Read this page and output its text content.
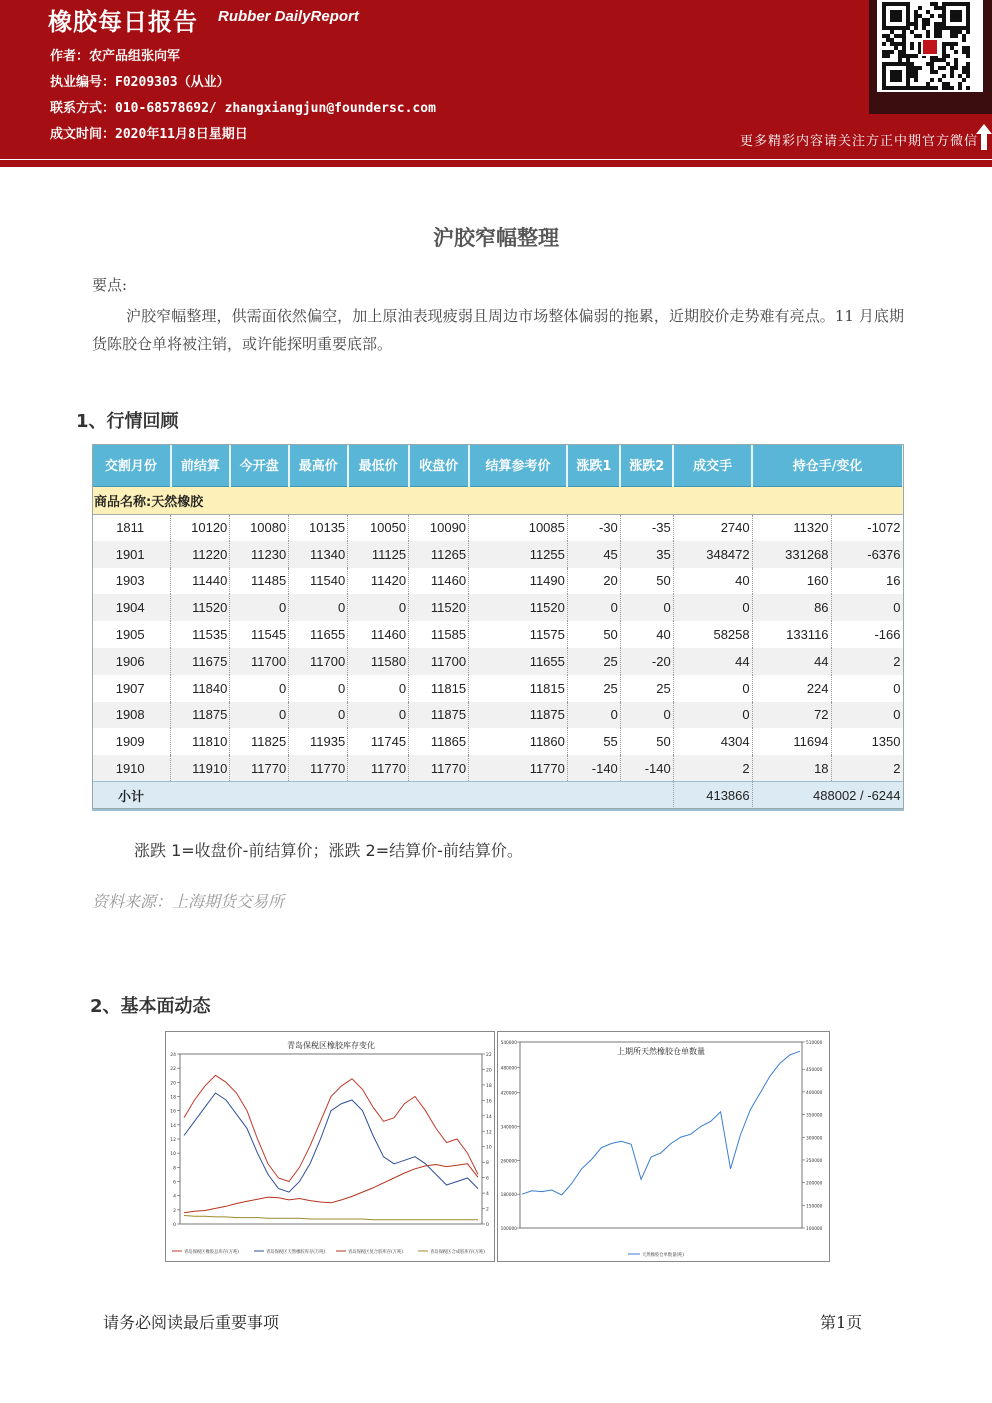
橡胶每日报告 Rubber DailyReport
作者：农产品组张向军
执业编号：F0209303（从业）
联系方式：010-68578692/ zhangxiangjun@foundersc.com
成文时间：2020年11月8日星期日	更多精彩内容请关注方正中期官方微信
沪胶窄幅整理
要点:
沪胶窄幅整理，供需面依然偏空，加上原油表现疲弱且周边市场整体偏弱的拖累，近期胶价走势难有亮点。11 月底期货陈胶仓单将被注销，或许能探明重要底部。
1、行情回顾
交割月份	前结算	今开盘	最高价	最低价	收盘价	结算参考价	涨跌1	涨跌2	成交手	持仓手/变化	
商品名称:天然橡胶											
1811	10120	10080	10135	10050	10090	10085	-30	-35	2740	11320	-1072
1901	11220	11230	11340	11125	11265	11255	45	35	348472	331268	-6376
1903	11440	11485	11540	11420	11460	11490	20	50	40	160	16
1904	11520	0	0	0	11520	11520	0	0	0	86	0
1905	11535	11545	11655	11460	11585	11575	50	40	58258	133116	-166
1906	11675	11700	11700	11580	11700	11655	25	-20	44	44	2
1907	11840	0	0	0	11815	11815	25	25	0	224	0
1908	11875	0	0	0	11875	11875	0	0	0	72	0
1909	11810	11825	11935	11745	11865	11860	55	50	4304	11694	1350
1910	11910	11770	11770	11770	11770	11770	-140	-140	2	18	2
小计									413866	488002 / -6244	
涨跌 1=收盘价-前结算价；涨跌 2=结算价-前结算价。
资料来源：上海期货交易所
2、基本面动态
青岛保税区橡胶库存变化
0
2
4
6
8
10
12
14
16
18
20
22
24
0
2
4
6
8
10
12
14
16
18
20
22
青岛保税区橡胶总库存(万吨)	青岛保税区天然橡胶库存(万吨)	青岛保税区复合胶库存(万吨)	青岛保税区合成胶库存(万吨)
上期所天然橡胶仓单数量
100000
180000
260000
340000
420000
480000
540000
100000
150000
200000
250000
300000
350000
400000
450000
510000
天然橡胶仓单数量(吨)
请务必阅读最后重要事项	第1页
